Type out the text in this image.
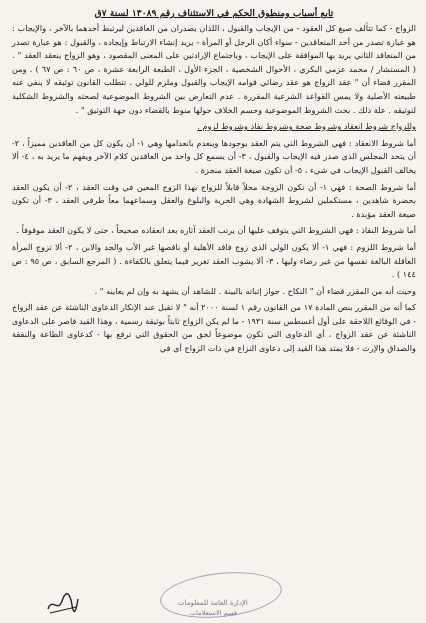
تابع أسباب ومنطوق الحكم في الاستئناف رقم ١٣٠٨٩ لسنة ٧ق

الزواج - كما تتألف صيغ كل العقود - من الإيجاب والقبول ، اللذان يصدران من العاقدين ليرتبط أحدهما بالآخر ، والإيجاب : هو عبارة تصدر من أحد المتعاقدين - سواء أكان الرجل أو المرأة - يريد إنشاء الارتباط وإيجاده ، والقبول : هو عبارة تصدر من المتعاقد الثاني يريد بها الموافقة على الإيجاب ، وباجتماع الإرادتين على المعنى المقصود ، وهو الزواج ينعقد العقد " . ( المستشار / محمد عزمي البكري ، الأحوال الشخصية ، الجزء الأول ، الطبعة الرابعة عشرة ، ص ٦٠ : ص ٦٧ ) . ومن المقرر قضاء أن " عقد الزواج هو عقد رضائي قوامه الإيجاب والقبول وملزم للولي . تتطلب القانون توثيقه لا ينفي عنه طبيعته الأصلية ولا يمس القواعد الشرعية المقررة . عدم التعارض بين الشروط الموضوعية لصحته والشروط الشكلية لتوثيقه . علة ذلك . بحث الشروط الموضوعية وحسم الخلاف حولها منوط بالقضاء دون جهة التوثيق " .

وللزواج شروط انعقاد وشروط صحة وشروط نفاذ وشروط لزوم .

أما شروط الانعقاد : فهي الشروط التي يتم العقد بوجودها وينعدم بانعدامها وهي ١- أن يكون كل من العاقدين مميزاً ، ٢- أن يتحد المجلس الذي صدر فيه الإيجاب والقبول ، ٣- أن يسمع كل واحد من العاقدين كلام الآخر ويفهم ما يريد به ، ٤- ألا يخالف القبول الإيجاب في شيء ، ٥- أن تكون صيغة العقد منجزة .

أما شروط الصحة : فهي ١- أن تكون الزوجة محلاً قابلاً للزواج بهذا الزوج المعين في وقت العقد ، ٢- أن يكون العقد بحضرة شاهدين ، مستكملين لشروط الشهادة وهي الحرية والبلوغ والعقل وسماعهما معاً طرفي العقد ، ٣- أن تكون صيغة العقد مؤبدة .

أما شروط النفاذ : فهي الشروط التي يتوقف عليها أن يرتب العقد آثاره بعد انعقاده صحيحاً ، حتى لا يكون العقد موقوفاً .

أما شروط اللزوم : فهي ١- ألا يكون الولي الذي زوج فاقد الأهلية أو ناقصها غير الأب والجد والابن ، ٢- ألا تزوج المرأة العاقلة البالغة نفسها من غير رضاء وليها ، ٣- ألا يشوب العقد تغرير فيما يتعلق بالكفاءة . ( المرجع السابق ، ص ٩٥ : ص ١٤٤ ) .

وحيث أنه من المقرر قضاء أن " النكاح . جواز إثباته بالبينة . للشاهد أن يشهد به وإن لم يعاينه " .

كما أنه من المقرر بنص المادة ١٧ من القانون رقم ١ لسنة ٢٠٠٠ أنه " لا تقبل عند الإنكار الدعاوى الناشئة عن عقد الزواج - في الوقائع اللاحقة على أول أغسطس سنة ١٩٣١ - ما لم يكن الزواج ثابتاً بوثيقة رسمية ، وهذا القيد قاصر على الدعاوى الناشئة عن عقد الزواج ، أي الدعاوى التي تكون موضوعاً لحق من الحقوق التي ترفع بها - كدعاوى الطاعة والنفقة والصداق والإرث - فلا يمتد هذا القيد إلى دعاوى النزاع في ذات الزواج أي في

الإدارة العامة للمعلومات
قسم الاستعلامات
